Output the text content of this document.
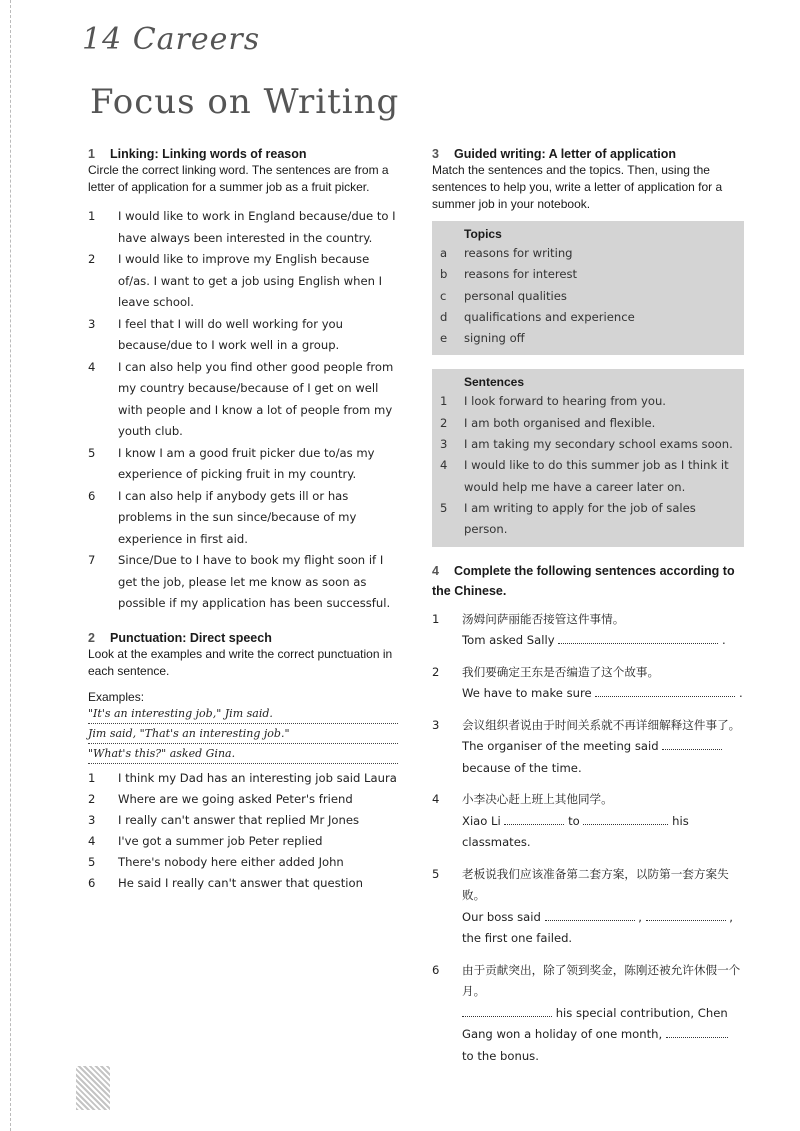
14 Careers
Focus on Writing
1 Linking: Linking words of reason
Circle the correct linking word. The sentences are from a letter of application for a summer job as a fruit picker.
1 I would like to work in England because/due to I have always been interested in the country.
2 I would like to improve my English because of/as. I want to get a job using English when I leave school.
3 I feel that I will do well working for you because/due to I work well in a group.
4 I can also help you find other good people from my country because/because of I get on well with people and I know a lot of people from my youth club.
5 I know I am a good fruit picker due to/as my experience of picking fruit in my country.
6 I can also help if anybody gets ill or has problems in the sun since/because of my experience in first aid.
7 Since/Due to I have to book my flight soon if I get the job, please let me know as soon as possible if my application has been successful.
2 Punctuation: Direct speech
Look at the examples and write the correct punctuation in each sentence.
Examples:
"It's an interesting job," Jim said.
Jim said, "That's an interesting job."
"What's this?" asked Gina.
1 I think my Dad has an interesting job said Laura
2 Where are we going asked Peter's friend
3 I really can't answer that replied Mr Jones
4 I've got a summer job Peter replied
5 There's nobody here either added John
6 He said I really can't answer that question
3 Guided writing: A letter of application
Match the sentences and the topics. Then, using the sentences to help you, write a letter of application for a summer job in your notebook.
Topics
a reasons for writing
b reasons for interest
c personal qualities
d qualifications and experience
e signing off
Sentences
1 I look forward to hearing from you.
2 I am both organised and flexible.
3 I am taking my secondary school exams soon.
4 I would like to do this summer job as I think it would help me have a career later on.
5 I am writing to apply for the job of sales person.
4 Complete the following sentences according to the Chinese.
1 汤姆问萨丽能否接管这件事情。
Tom asked Sally	.
2 我们要确定王东是否编造了这个故事。
We have to make sure	.
3 会议组织者说由于时间关系就不再详细解释这件事了。
The organiser of the meeting said
because of the time.
4 小李决心赶上班上其他同学。
Xiao Li	to	his classmates.
5 老板说我们应该准备第二套方案，以防第一套方案失败。
Our boss said	,	,
the first one failed.
6 由于贡献突出，除了领到奖金，陈刚还被允许休假一个月。
his special contribution, Chen Gang won a holiday of one month,
to the bonus.
